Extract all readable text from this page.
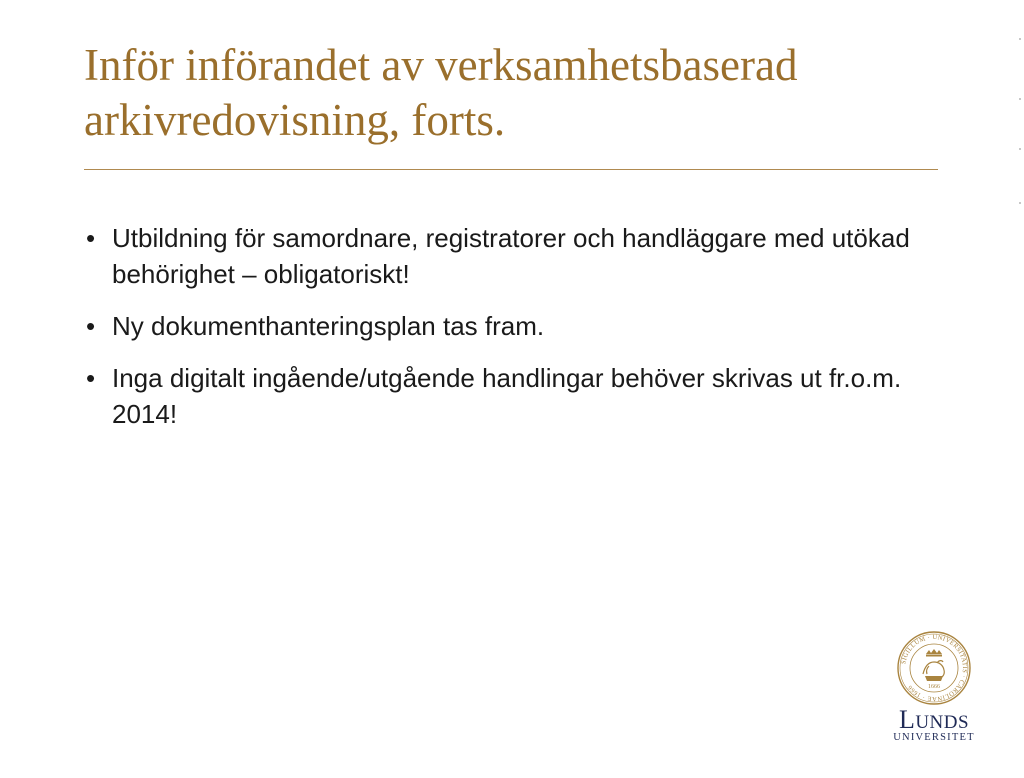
Inför införandet av verksamhetsbaserad arkivredovisning, forts.
• Utbildning för samordnare, registratorer och handläggare med utökad behörighet – obligatoriskt!
• Ny dokumenthanteringsplan tas fram.
• Inga digitalt ingående/utgående handlingar behöver skrivas ut fr.o.m. 2014!
SIGILLUM · UNIVERSITATIS · CAROLINAE · 1666	1666
LUNDS
UNIVERSITET
